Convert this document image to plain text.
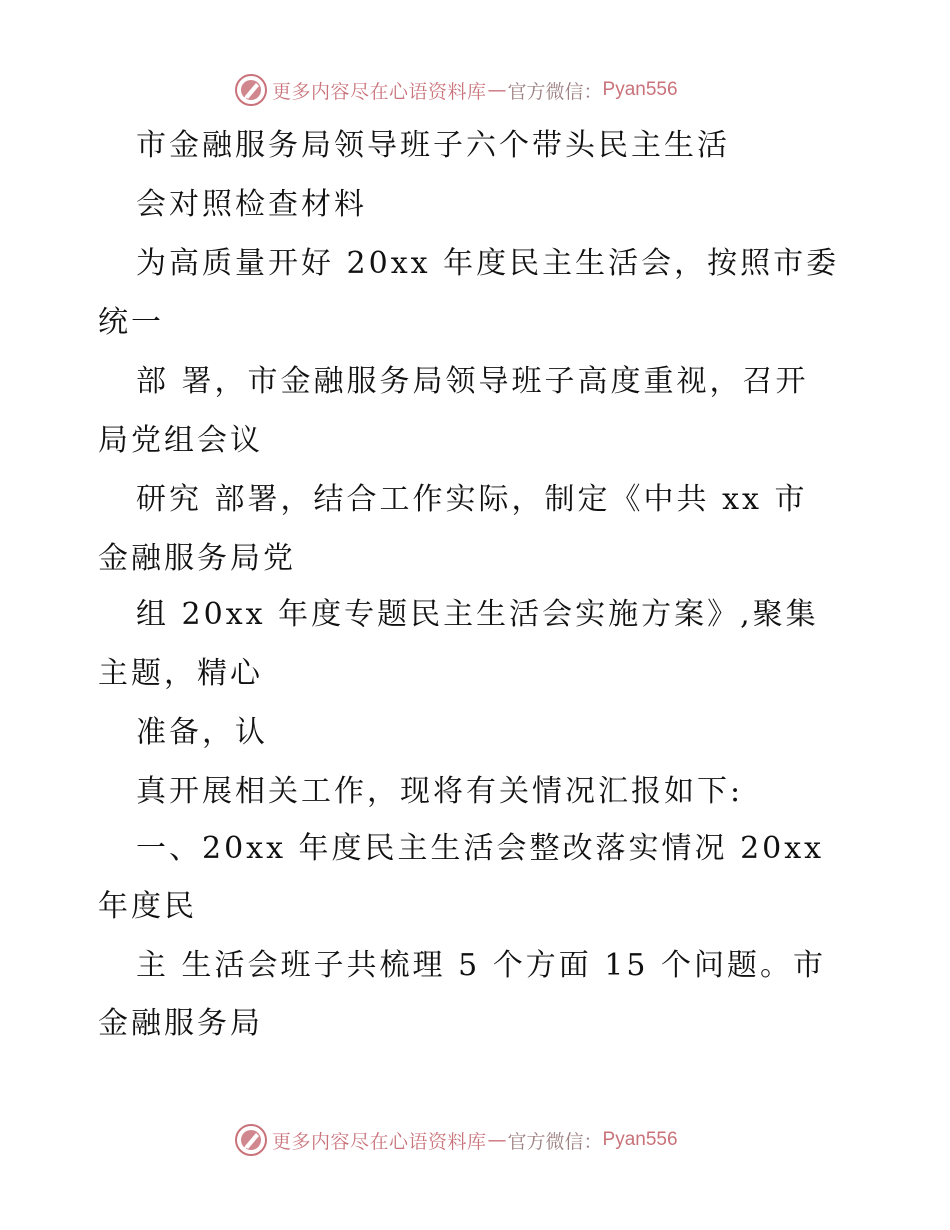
更多内容尽在心语资料库 — 官方微信： Pyan556
市金融服务局领导班子六个带头民主生活
会对照检查材料
为高质量开好 20xx 年度民主生活会，按照市委
统一
部 署，市金融服务局领导班子高度重视，召开
局党组会议
研究 部署，结合工作实际，制定《中共 xx 市
金融服务局党
组 20xx 年度专题民主生活会实施方案》,聚集
主题，精心
准备，认
真开展相关工作，现将有关情况汇报如下:
一、20xx 年度民主生活会整改落实情况 20xx
年度民
主 生活会班子共梳理 5 个方面 15 个问题。市
金融服务局
更多内容尽在心语资料库 — 官方微信： Pyan556
